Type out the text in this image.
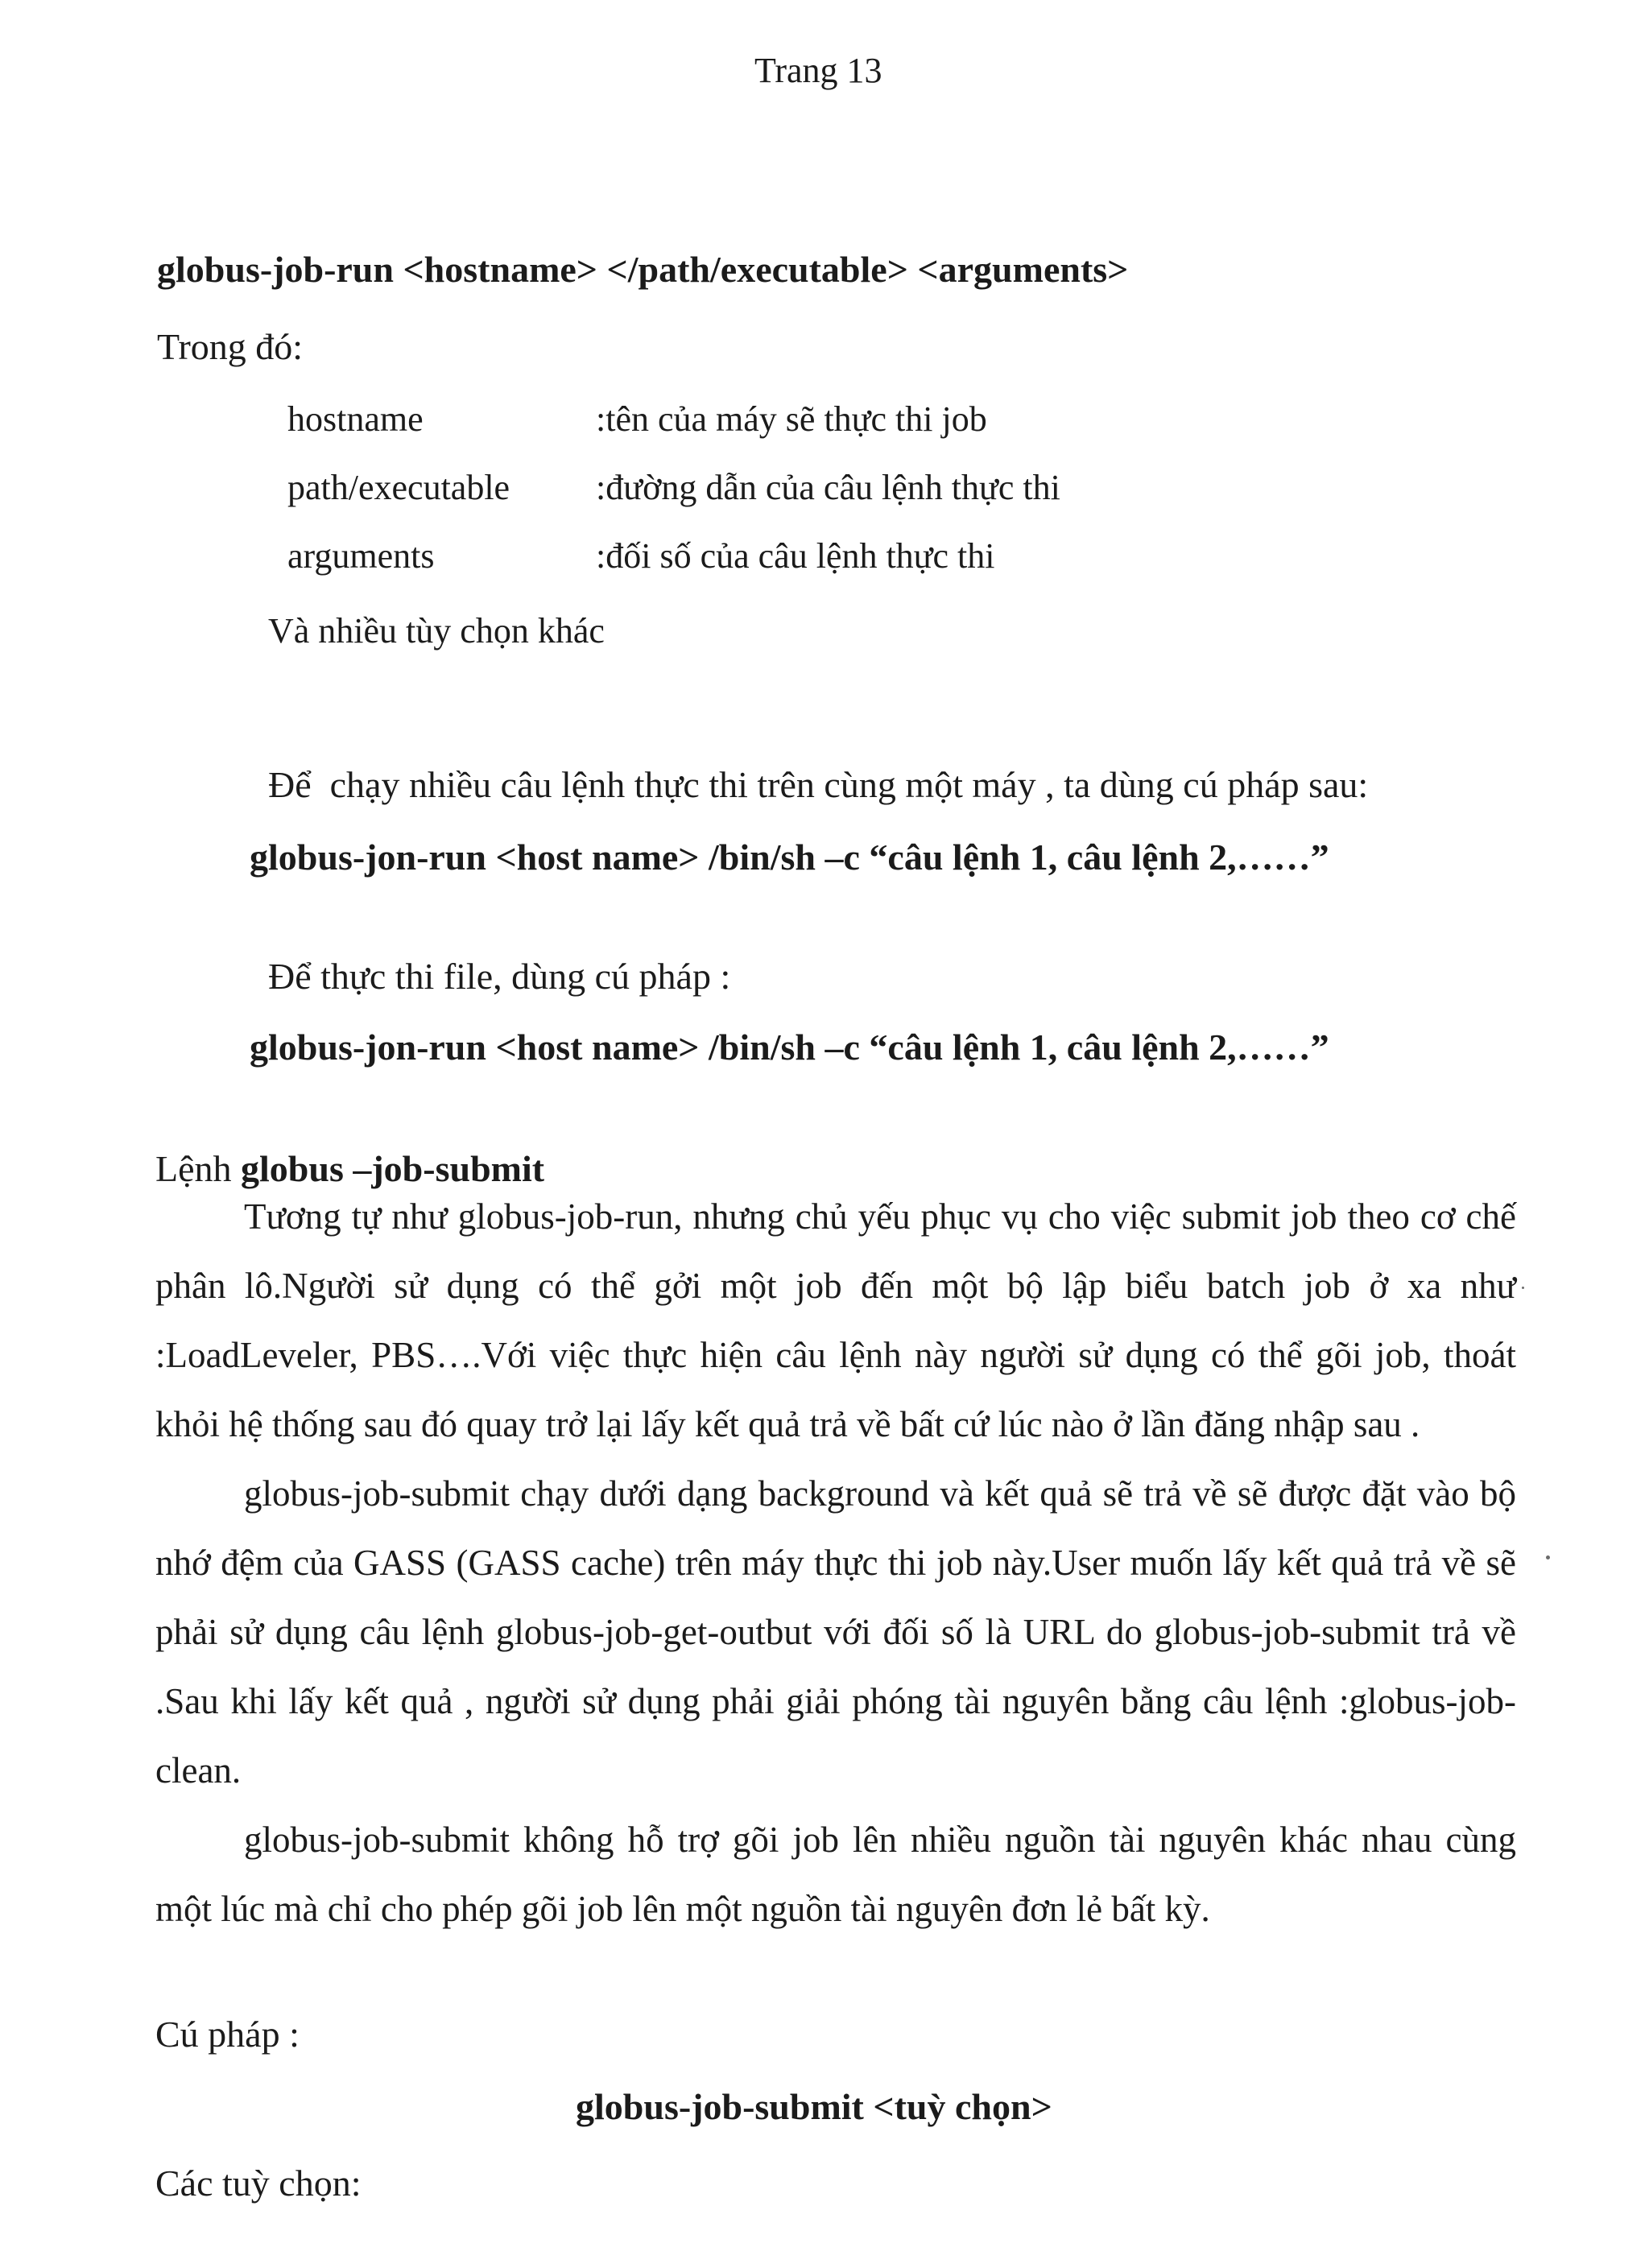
Trang 13
globus-job-run <hostname> </path/executable> <arguments>
Trong đó:
hostname	:tên của máy sẽ thực thi job
path/executable :đường dẫn của câu lệnh thực thi
arguments	:đối số của câu lệnh thực thi
Và nhiều tùy chọn khác
Để  chạy nhiều câu lệnh thực thi trên cùng một máy , ta dùng cú pháp sau:
globus-jon-run <host name> /bin/sh –c “câu lệnh 1, câu lệnh 2,……”
Để thực thi file, dùng cú pháp :
globus-jon-run <host name> /bin/sh –c “câu lệnh 1, câu lệnh 2,……”
Lệnh globus –job-submit

Tương tự như globus-job-run, nhưng chủ yếu phục vụ cho việc submit job theo cơ chế phân lô.Người sử dụng có thể gởi một job đến một bộ lập biểu batch job ở xa như :LoadLeveler, PBS….Với việc thực hiện câu lệnh này người sử dụng có thể gõi job, thoát khỏi hệ thống sau đó quay trở lại lấy kết quả trả về bất cứ lúc nào ở lần đăng nhập sau .

globus-job-submit chạy dưới dạng background và kết quả sẽ trả về sẽ được đặt vào bộ nhớ đệm của GASS (GASS cache) trên máy thực thi job này.User muốn lấy kết quả trả về sẽ phải sử dụng câu lệnh globus-job-get-outbut với đối số là URL do globus-job-submit trả về .Sau khi lấy kết quả , người sử dụng phải giải phóng tài nguyên bằng câu lệnh :globus-job-clean.

globus-job-submit không hỗ trợ gõi job lên nhiều nguồn tài nguyên khác nhau cùng một lúc mà chỉ cho phép gõi job lên một nguồn tài nguyên đơn lẻ bất kỳ.

Cú pháp :
globus-job-submit <tuỳ chọn>
Các tuỳ chọn:
